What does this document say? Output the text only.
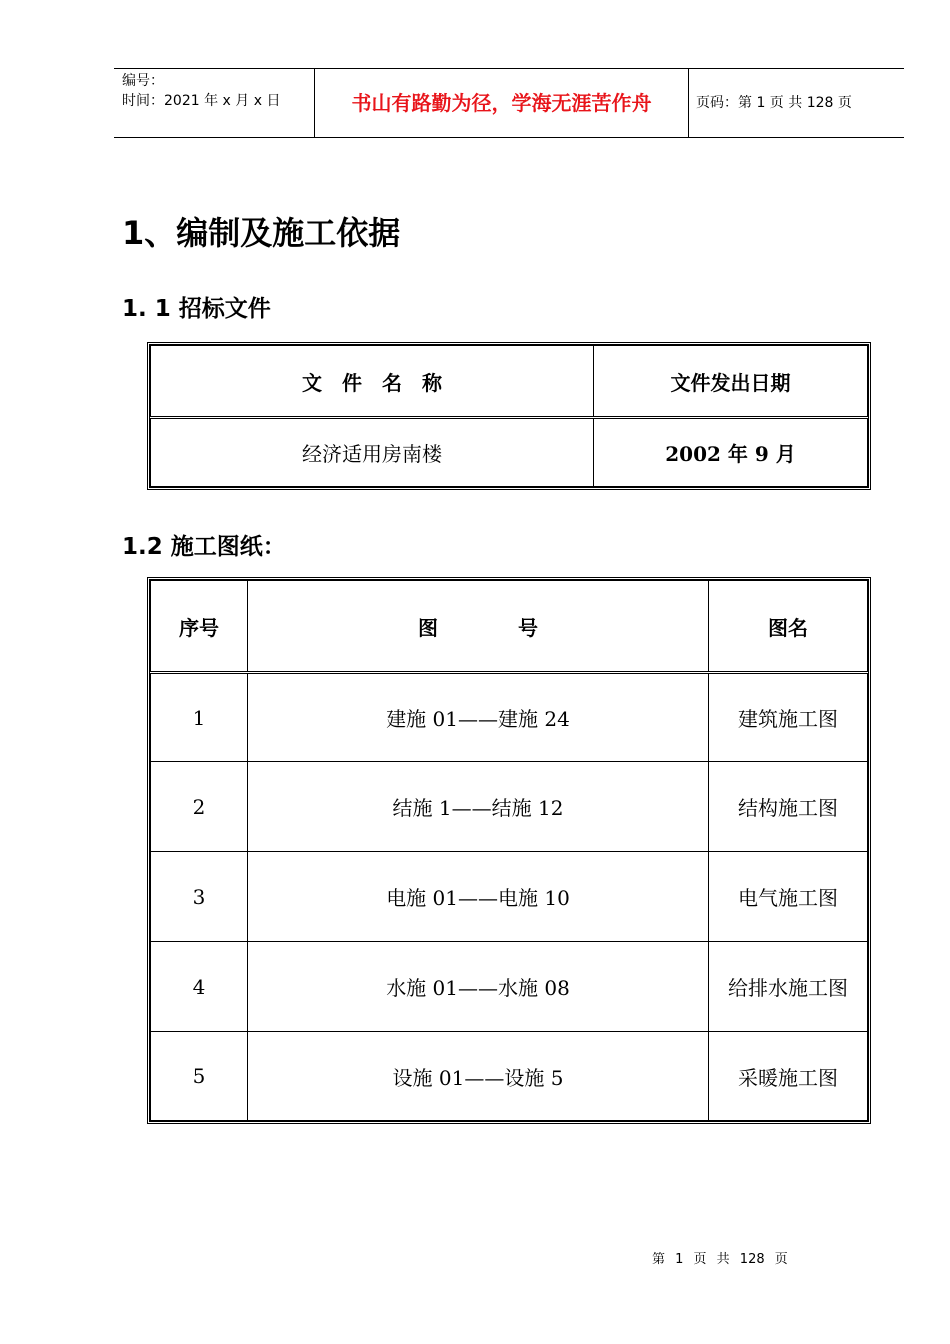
编号：
时间：2021 年 x 月 x 日	书山有路勤为径，学海无涯苦作舟	页码：第 1 页 共 128 页
1、编制及施工依据
1. 1 招标文件
文　件　名　称	文件发出日期
经济适用房南楼	2002 年 9 月
1.2 施工图纸：
序号	图　　　　号	图名
1	建施 01——建施 24	建筑施工图
2	结施 1——结施 12	结构施工图
3	电施 01——电施 10	电气施工图
4	水施 01——水施 08	给排水施工图
5	设施 01——设施 5	采暖施工图
第 1 页 共 128 页
